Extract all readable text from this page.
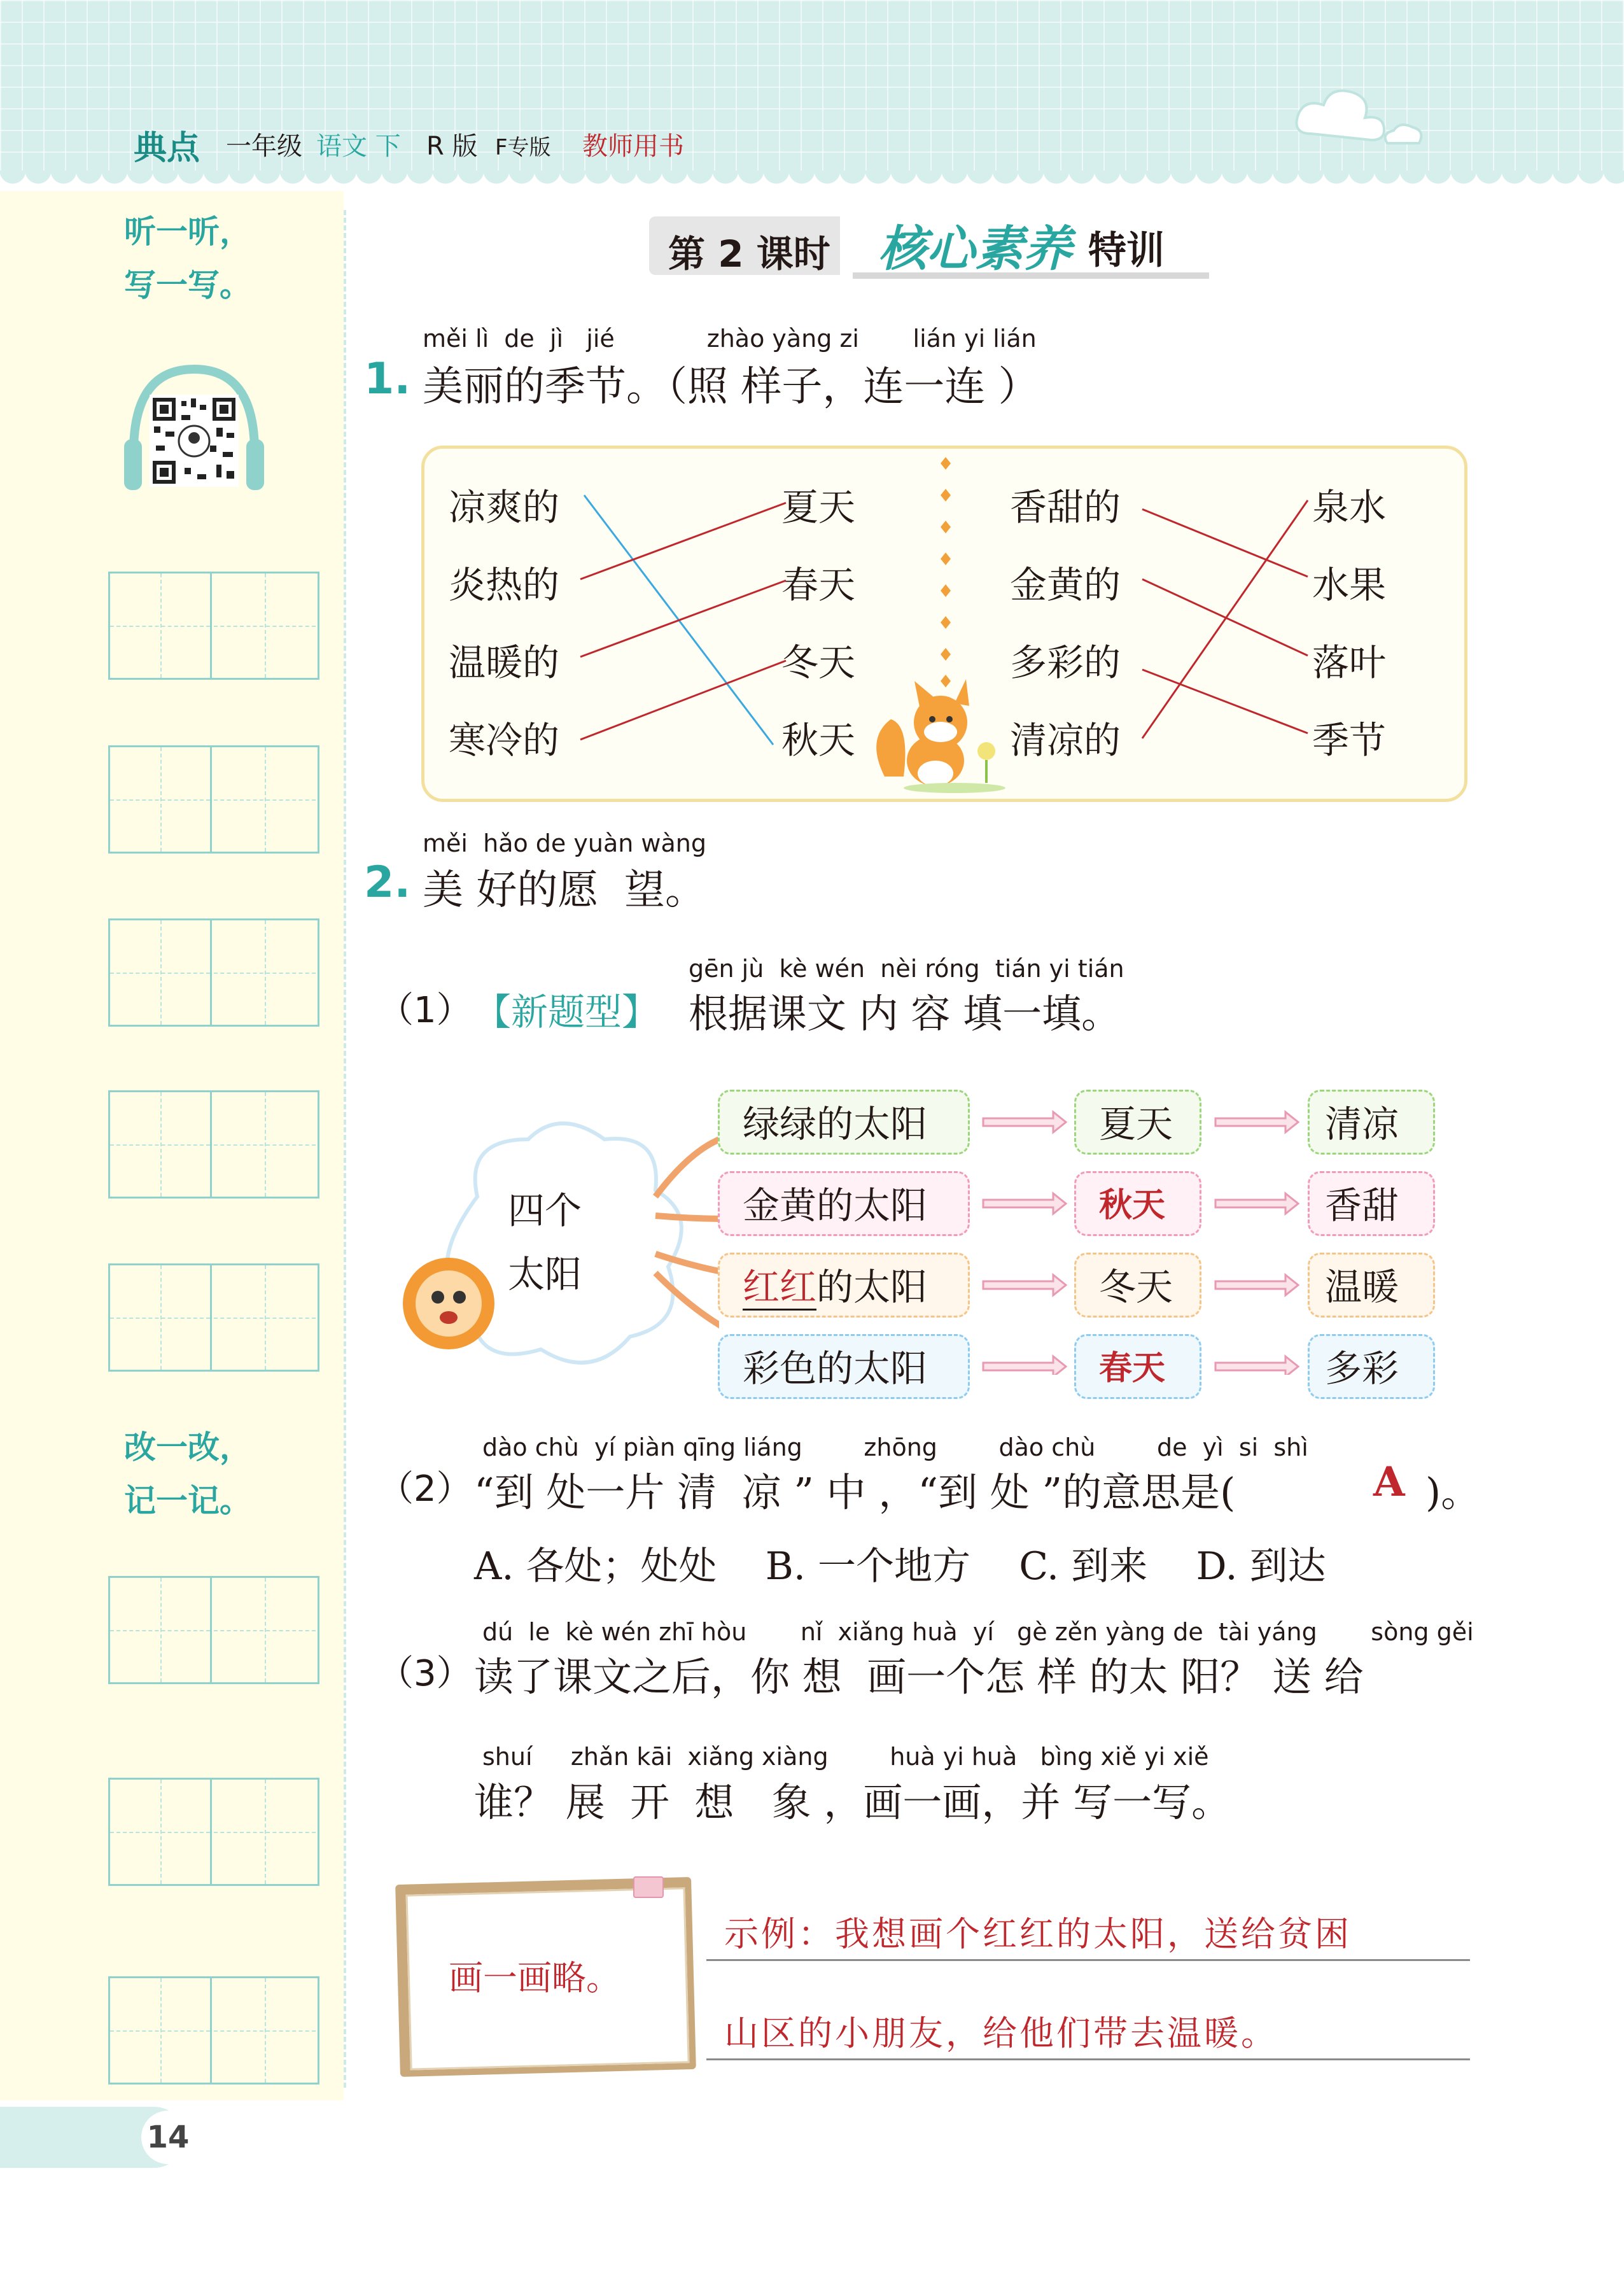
典点 一年级 语文 下 R 版 F专版 教师用书
听一听，
写一写。
改一改，
记一记。
第 2 课时 核心素养 特训
měi lì  de  jì   jié            zhào yàng zi       lián yi lián
1. 美丽的季节。（照 样子，连一连 ）
凉爽的
炎热的
温暖的
寒冷的
夏天
春天
冬天
秋天
香甜的
金黄的
多彩的
清凉的
泉水
水果
落叶
季节
měi  hǎo de yuàn wàng
2. 美 好的愿  望。
gēn jù  kè wén  nèi róng  tián yi tián
（1） 【新题型】 根据课文 内 容 填一填。
四个
太阳
绿绿的太阳
金黄的太阳
红红的太阳
彩色的太阳
夏天
秋天
冬天
春天
清凉
香甜
温暖
多彩
dào chù  yí piàn qīng liáng        zhōng        dào chù        de  yì  si  shì
（2） “到 处一片 清  凉 ” 中 ，“到 处 ”的意思是(	A )。
A. 各处；处处    B. 一个地方    C. 到来    D. 到达
dú  le  kè wén zhī hòu       nǐ  xiǎng huà  yí   gè zěn yàng de  tài yáng       sòng gěi
（3） 读了课文之后，你 想  画一个怎 样 的太 阳？ 送 给
shuí     zhǎn kāi  xiǎng xiàng        huà yi huà   bìng xiě yi xiě
谁？ 展  开  想   象 ，画一画，并 写一写。
画一画略。
示例：我想画个红红的太阳，送给贫困
山区的小朋友，给他们带去温暖。
14
